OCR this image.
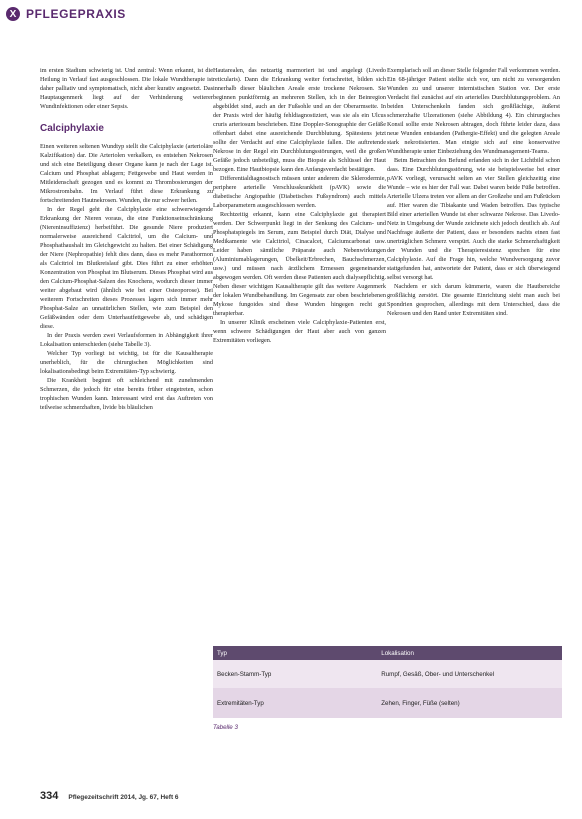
X PFLEGEPRAXIS

im ersten Stadium schwierig ist. Und zentral: Wenn erkannt, ist die Heilung in Verlauf fast ausgeschlossen. Die lokale Wundtherapie ist daher palliativ und symptomatisch, nicht aber kurativ angesetzt. Das Hauptaugenmerk liegt auf der Verhinderung weiterer Wundinfektionen oder einer Sepsis.

Calciphylaxie

Einen weiteren seltenen Wundtyp stellt die Calciphylaxie (arterioläre Kalzifikation) dar. Die Arteriolen verkalken, es entstehen Nekrosen und sich eine Beteiligung dieser Organe kann je nach der Lage ist. Calcium und Phosphat ablagern; Fettgewebe und Haut werden in Mitleidenschaft gezogen und es kommt zu Thrombosierungen der Mikrostrombahn. Im Verlauf führt diese Erkrankung zu fortschreitenden Hautnekrosen. Wunden, die nur schwer heilen.

In der Regel geht die Calciphylaxie eine schwerwiegende Erkrankung der Nieren voraus, die eine Funktionseinschränkung (Niereninsuffizienz) herbeiführt. Die gesunde Niere produziert normalerweise ausreichend Calcitriol, um die Calcium- und Phosphathaushalt im Gleichgewicht zu halten. Bei einer Schädigung der Niere (Nephropathie) fehlt dies dann, dass es mehr Parathormon als Calcitriol im Blutkreislauf gibt. Dies führt zu einer erhöhten Konzentration von Phosphat im Blutserum. Dieses Phosphat wird aus den Calcium-Phosphat-Salzen des Knochens, wodurch dieser immer weiter abgebaut wird (ähnlich wie bei einer Osteoporose). Bei weiterem Fortschreiten dieses Prozesses lagern sich immer mehr Phosphat-Salze an unnatürlichen Stellen, wie zum Beispiel den Gefäßwänden oder dem Unterhautfettgewebe ab, und schädigen diese.

In der Praxis werden zwei Verlaufsformen in Abhängigkeit ihrer Lokalisation unterschieden (siehe Tabelle 3).

Welcher Typ vorliegt ist wichtig, ist für die Kausaltherapie unerheblich, für die chirurgischen Möglichkeiten sind lokalisationsbedingt beim Extremitäten-Typ schwierig.

Die Krankheit beginnt oft schleichend mit zunehmenden Schmerzen, die jedoch für eine bereits früher eingetreten, schon trophischen Wunden kann. Interessant wird erst das Auftreten von teilweise schmerzhaften, livide bis bläulichen

Hautarealen, das netzartig marmoriert ist und angelegt (Livedo reticularis). Dann die Erkrankung weiter fortschreitet, bilden sich innerhalb dieser bläulichen Areale erste trockene Nekrosen. Sie beginnen punktförmig an mehreren Stellen, ich in der Beinregion abgebildet sind, auch an der Fußsohle und an der Oberarmseite. In der Praxis wird der häufig fehldiagnostiziert, was sie als ein Ulcus cruris arteriosum beschrieben. Eine Doppler-Sonographie der Gefäße offenbart dabei eine ausreichende Durchblutung. Spätestens jetzt sollte der Verdacht auf eine Calciphylaxie fallen. Die auftretende Nekrose in der Regel ein Durchblutungsstörungen, weil die großen Gefäße jedoch unbeteiligt, muss die Biopsie als Schlüssel der Haut bezogen. Eine Hautbiopsie kann den Anfangsverdacht bestätigen.

Differentialdiagnostisch müssen unter anderem die Sklerodermie, periphere arterielle Verschlusskrankheit (pAVK) sowie die diabetische Angiopathie (Diabetisches Fußsyndrom) auch mittels Laborparametern ausgeschlossen werden.

Rechtzeitig erkannt, kann eine Calciphylaxie gut therapiert werden. Der Schwerpunkt liegt in der Senkung des Calcium- und Phosphatspiegels im Serum, zum Beispiel durch Diät, Dialyse und Medikamente wie Calcitriol, Cinacalcet, Calciumcarbonat usw. Leider haben sämtliche Präparate auch Nebenwirkungen (Aluminiumablagerungen, Übelkeit/Erbrechen, Bauchschmerzen, usw.) und müssen nach ärztlichem Ermessen gegeneinander abgewogen werden. Oft werden diese Patienten auch dialysepflichtig. Neben dieser wichtigen Kausaltherapie gilt das weitere Augenmerk der lokalen Wundbehandlung. Im Gegensatz zur oben beschriebenen Mykose fungoides sind diese Wunden hingegen recht gut therapierbar.

In unserer Klinik erscheinen viele Calciphylaxie-Patienten erst, wenn schwere Schädigungen der Haut aber auch von ganzen Extremitäten vorliegen.

Exemplarisch soll an dieser Stelle folgender Fall verkommen werden. Ein 68-jähriger Patient stellte sich vor, um nicht zu versorgenden Wunden zu und unserer internistischen Station vor. Der erste Verdacht fiel zunächst auf ein arterielles Durchblutungsproblem. An beiden Unterschenkeln fanden sich großflächige, äußerst schmerzhafte Ulzerationen (siehe Abbildung 4). Ein chirurgisches Konsil sollte erste Nekrosen abtragen, doch führte leider dazu, dass neue Wunden entstanden (Pathergie-Effekt) und die gelegten Areale stark nekrotisierten. Man einigte sich auf eine konservative Wundtherapie unter Einbeziehung des Wundmanagement-Teams.

Beim Betrachten des Befund erfanden sich in der Lichtbild schon dass. Eine Durchblutungsstörung, wie sie beispielsweise bei einer pAVK vorliegt, verursacht selten an vier Stellen gleichzeitig eine Wunde – wie es hier der Fall war. Dabei waren beide Füße betroffen. Arterielle Ulzera treten vor allem an der Großzehe und am Fußrücken auf. Hier waren die Tibiakante und Waden betroffen. Das typische Bild einer arteriellen Wunde ist eher schwarze Nekrose. Das Livedo-Netz in Umgebung der Wunde zeichnete sich jedoch deutlich ab. Auf Nachfrage äußerte der Patient, dass er besonders nachts einen fast unerträglichen Schmerz verspürt. Auch die starke Schmerzhaftigkeit der Wunden und die Therapieresistenz sprechen für eine Calciphylaxie. Auf die Frage hin, welche Wundversorgung zuvor stattgefunden hat, antwortete der Patient, dass er sich überwiegend selbst versorgt hat.

Nachdem er sich darum kümmerte, waren die Hautbereiche großflächig zerstört. Die gesamte Einrichtung sieht man auch bei Spondrien gesprochen, allerdings mit dem Unterschied, dass die Nekrosen und den Rand unter Extremitäten sind.

Typ	Lokalisation
Becken-Stamm-Typ	Rumpf, Gesäß, Ober- und Unterschenkel
Extremitäten-Typ	Zehen, Finger, Füße (selten)
Tabelle 3
334 Pflegezeitschrift 2014, Jg. 67, Heft 6
